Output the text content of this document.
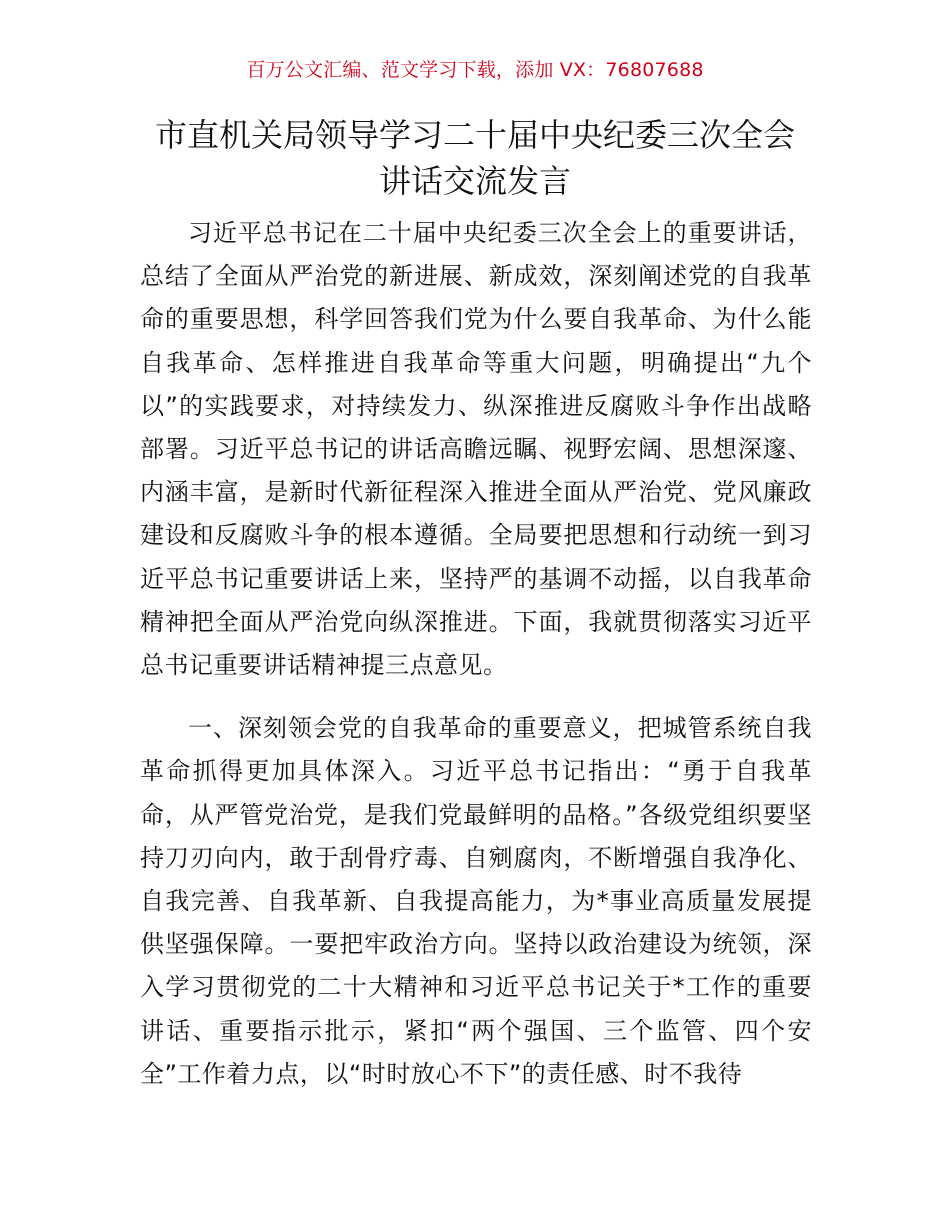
百万公文汇编、范文学习下载，添加 VX：76807688
市直机关局领导学习二十届中央纪委三次全会
讲话交流发言

习近平总书记在二十届中央纪委三次全会上的重要讲话，总结了全面从严治党的新进展、新成效，深刻阐述党的自我革命的重要思想，科学回答我们党为什么要自我革命、为什么能自我革命、怎样推进自我革命等重大问题，明确提出“九个以”的实践要求，对持续发力、纵深推进反腐败斗争作出战略部署。习近平总书记的讲话高瞻远瞩、视野宏阔、思想深邃、内涵丰富，是新时代新征程深入推进全面从严治党、党风廉政建设和反腐败斗争的根本遵循。全局要把思想和行动统一到习近平总书记重要讲话上来，坚持严的基调不动摇，以自我革命精神把全面从严治党向纵深推进。下面，我就贯彻落实习近平总书记重要讲话精神提三点意见。

一、深刻领会党的自我革命的重要意义，把城管系统自我革命抓得更加具体深入。习近平总书记指出：“勇于自我革命，从严管党治党，是我们党最鲜明的品格。”各级党组织要坚持刀刃向内，敢于刮骨疗毒、自剜腐肉，不断增强自我净化、自我完善、自我革新、自我提高能力，为*事业高质量发展提供坚强保障。一要把牢政治方向。坚持以政治建设为统领，深入学习贯彻党的二十大精神和习近平总书记关于*工作的重要讲话、重要指示批示，紧扣“两个强国、三个监管、四个安全”工作着力点，以“时时放心不下”的责任感、时不我待
